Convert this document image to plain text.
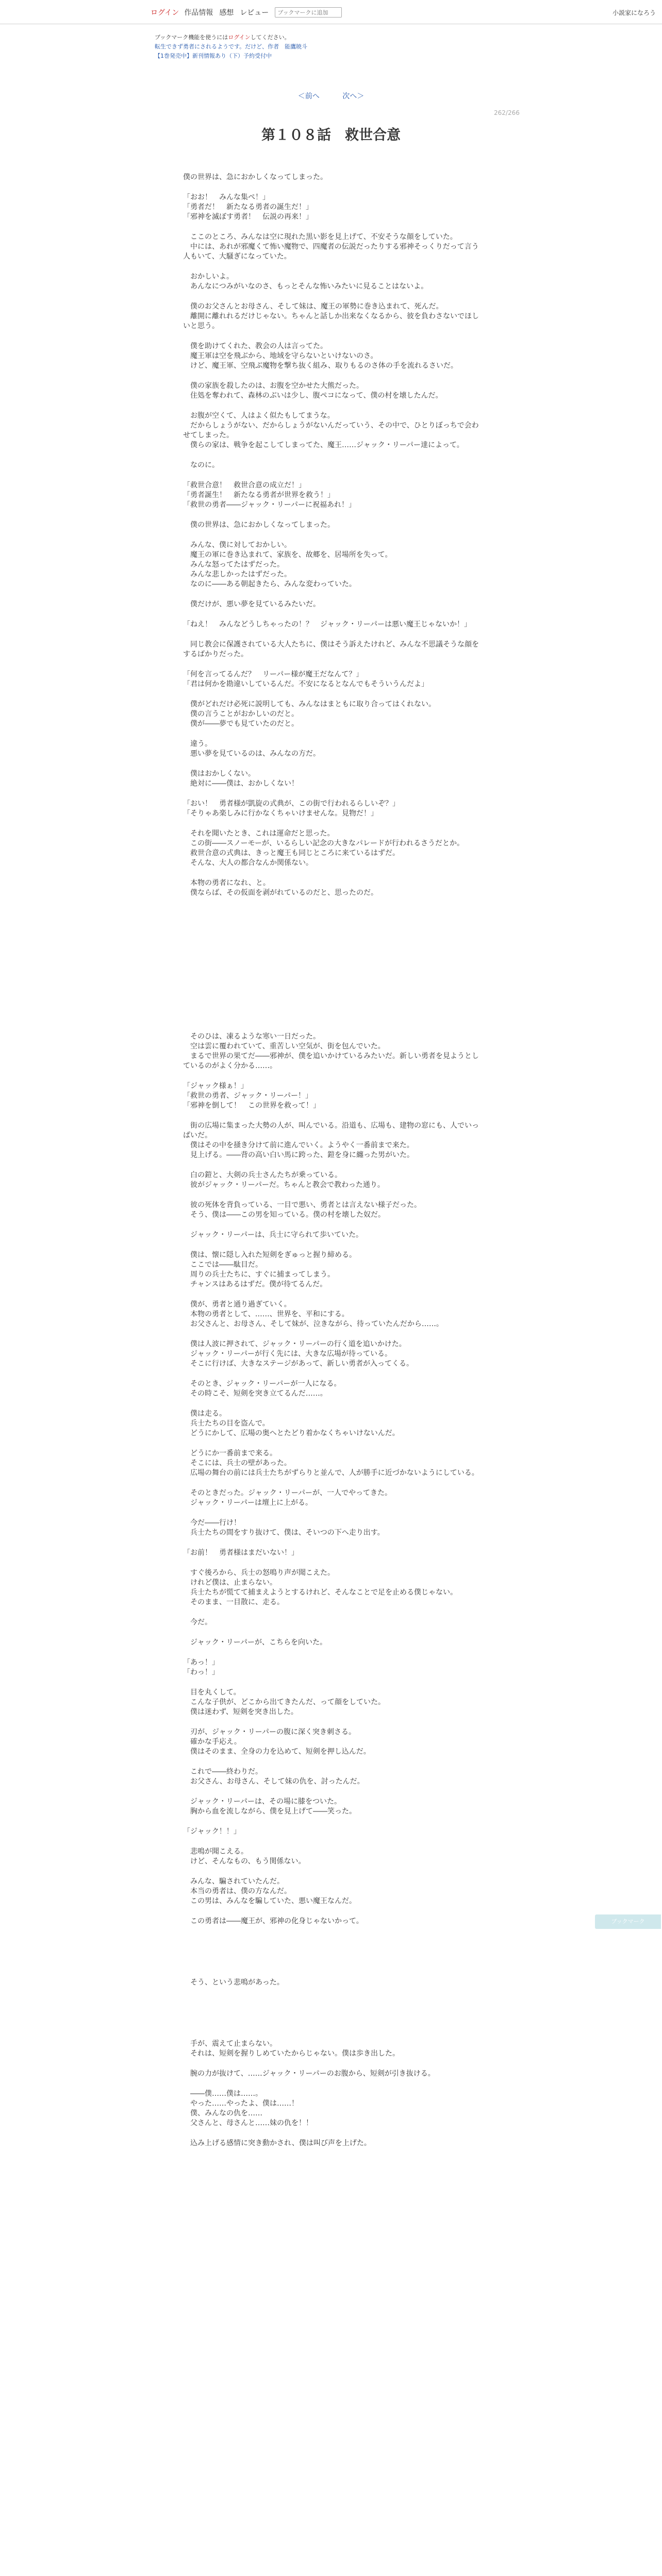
ログイン 作品情報 感想 レビュー
ブックマークに追加	小説家になろう
ブックマーク機能を使うにはログインしてください。
転生できず勇者にされるようです。だけど、作者　能鷹暁斗
【1巻発売中】新刊情報あり（下）予約受付中
＜前へ	次へ＞
262/266
第１０８話　救世合意

僕の世界は、急におかしくなってしまった。

「おお！　みんな集ぺ！」
「勇者だ！　新たなる勇者の誕生だ！」
「邪神を滅ぼす勇者！　伝説の再来！」

　ここのところ、みんなは空に現れた黒い影を見上げて、不安そうな顔をしていた。
　中には、あれが邪魔くて怖い魔物で、四魔者の伝説だったりする邪神そっくりだって言う人もいて、大騒ぎになっていた。

　おかしいよ。
　あんなにつみがいなのさ、もっとそんな怖いみたいに見ることはないよ。

　僕のお父さんとお母さん、そして妹は、魔王の軍勢に巻き込まれて、死んだ。
　離開に離れれるだけじゃない。ちゃんと話しか出来なくなるから、彼を負わさないでほしいと思う。

　僕を助けてくれた、教会の人は言ってた。
　魔王軍は空を飛ぶから、地域を守らないといけないのさ。
　けど、魔王軍、空飛ぶ魔物を撃ち抜く組み、取りもるのさ体の手を流れるさいだ。

　僕の家族を殺したのは、お腹を空かせた大熊だった。
　住処を奪われて、森林のぶいは少し、腹ペコになって、僕の村を壊したんだ。

　お腹が空くて、人はよく似たもしてまうな。
　だからしょうがない、だからしょうがないんだっていう、その中で、ひとりぼっちで会わせてしまった。
　僕らの家は、戦争を起こしてしまってた、魔王……ジャック・リーパー達によって。

　なのに。

「救世合意！　救世合意の成立だ！」
「勇者誕生！　新たなる勇者が世界を救う！」
「救世の勇者――ジャック・リーパーに祝福あれ！」

　僕の世界は、急におかしくなってしまった。

　みんな、僕に対しておかしい。
　魔王の軍に巻き込まれて、家族を、故郷を、居場所を失って。
　みんな怒ってたはずだった。
　みんな悲しかったはずだった。
　なのに――ある朝起きたら、みんな変わっていた。

　僕だけが、悪い夢を見ているみたいだ。

「ねえ！　みんなどうしちゃったの！？　ジャック・リーパーは悪い魔王じゃないか！」

　同じ教会に保護されている大人たちに、僕はそう訴えたけれど、みんな不思議そうな顔をするばかりだった。

「何を言ってるんだ？　リーパー様が魔王だなんて？」
「君は何かを勘違いしているんだ。不安になるとなんでもそういうんだよ」

　僕がどれだけ必死に説明しても、みんなはまともに取り合ってはくれない。
　僕の言うことがおかしいのだと。
　僕が――夢でも見ていたのだと。

　違う。
　悪い夢を見ているのは、みんなの方だ。

　僕はおかしくない。
　絶対に――僕は、おかしくない！

「おい！　勇者様が凱旋の式典が、この街で行われるらしいぞ？」
「そりゃあ楽しみに行かなくちゃいけませんな。見物だ！」

　それを聞いたとき、これは運命だと思った。
　この街――スノーモーが、いるらしい記念の大きなパレードが行われるさうだとか。
　救世合意の式典は、きっと魔王も同じところに来ているはずだ。
　そんな、大人の都合なんか関係ない。

　本物の勇者になれ、と。
　僕ならば、その仮面を剥がれているのだと、思ったのだ。

　そのひは、凍るような寒い一日だった。
　空は雲に覆われていて、重苦しい空気が、街を包んでいた。
　まるで世界の果てだ――邪神が、僕を追いかけているみたいだ。新しい勇者を見ようとしているのがよく分かる……。

「ジャック様ぁ！」
「救世の勇者、ジャック・リーパー！」
「邪神を倒して！　この世界を救って！」

　街の広場に集まった大勢の人が、叫んでいる。沿道も、広場も、建物の窓にも、人でいっぱいだ。
　僕はその中を掻き分けて前に進んでいく。ようやく一番前まで来た。
　見上げる。――背の高い白い馬に跨った、鎧を身に纏った男がいた。

　白の鎧と、大剣の兵士さんたちが乗っている。
　彼がジャック・リーパーだ。ちゃんと教会で教わった通り。

　彼の死体を背負っている、一目で悪い、勇者とは言えない様子だった。
　そう、僕は――この男を知っている。僕の村を壊した奴だ。

　ジャック・リーパーは、兵士に守られて歩いていた。

　僕は、懐に隠し入れた短剣をぎゅっと握り締める。
　ここでは――駄目だ。
　周りの兵士たちに、すぐに捕まってしまう。
　チャンスはあるはずだ。僕が待てるんだ。

　僕が、勇者と通り過ぎていく。
　本物の勇者として、……、世界を、平和にする。
　お父さんと、お母さん、そして妹が、泣きながら、待っていたんだから……。

　僕は人波に押されて、ジャック・リーパーの行く道を追いかけた。
　ジャック・リーパーが行く先には、大きな広場が待っている。
　そこに行けば、大きなステージがあって、新しい勇者が入ってくる。

　そのとき、ジャック・リーパーが一人になる。
　その時こそ、短剣を突き立てるんだ……。

　僕は走る。
　兵士たちの目を盗んで。
　どうにかして、広場の奥へとたどり着かなくちゃいけないんだ。

　どうにか一番前まで来る。
　そこには、兵士の壁があった。
　広場の舞台の前には兵士たちがずらりと並んで、人が勝手に近づかないようにしている。

　そのときだった。ジャック・リーパーが、一人でやってきた。
　ジャック・リーパーは壇上に上がる。

　今だ――行け！
　兵士たちの間をすり抜けて、僕は、そいつの下へ走り出す。

「お前！　勇者様はまだいない！」

　すぐ後ろから、兵士の怒鳴り声が聞こえた。
　けれど僕は、止まらない。
　兵士たちが慌てて捕まえようとするけれど、そんなことで足を止める僕じゃない。
　そのまま、一目散に、走る。

　今だ。

　ジャック・リーパーが、こちらを向いた。

「あっ！」
「わっ！」

　目を丸くして。
　こんな子供が、どこから出てきたんだ、って顔をしていた。
　僕は迷わず、短剣を突き出した。

　刃が、ジャック・リーパーの腹に深く突き刺さる。
　確かな手応え。
　僕はそのまま、全身の力を込めて、短剣を押し込んだ。

　これで――終わりだ。
　お父さん、お母さん、そして妹の仇を、討ったんだ。

　ジャック・リーパーは、その場に膝をついた。
　胸から血を流しながら、僕を見上げて――笑った。

「ジャック！！」

　悲鳴が聞こえる。
　けど、そんなもの、もう関係ない。

　みんな、騙されていたんだ。
　本当の勇者は、僕の方なんだ。
　この男は、みんなを騙していた、悪い魔王なんだ。

　この勇者は――魔王が、邪神の化身じゃないかって。

　そう、という悲鳴があった。

　手が、震えて止まらない。
　それは、短剣を握りしめていたからじゃない。僕は歩き出した。

　腕の力が抜けて、……ジャック・リーパーのお腹から、短剣が引き抜ける。

　――僕……僕は……。
　やった……やったよ、僕は……！
　僕、みんなの仇を……
　父さんと、母さんと……妹の仇を！！

　込み上げる感情に突き動かされ、僕は叫び声を上げた。

ブックマーク
